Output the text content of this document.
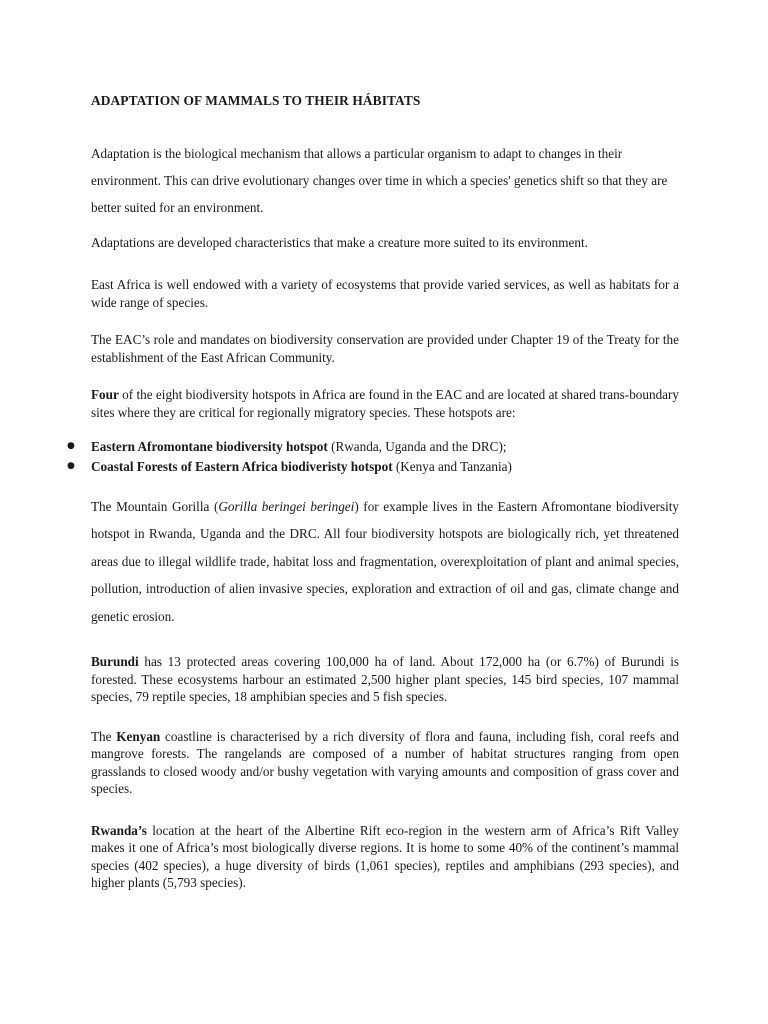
ADAPTATION OF MAMMALS TO THEIR HÁBITATS

Adaptation is the biological mechanism that allows a particular organism to adapt to changes in their environment. This can drive evolutionary changes over time in which a species' genetics shift so that they are better suited for an environment.

Adaptations are developed characteristics that make a creature more suited to its environment.

East Africa is well endowed with a variety of ecosystems that provide varied services, as well as habitats for a wide range of species.

The EAC’s role and mandates on biodiversity conservation are provided under Chapter 19 of the Treaty for the establishment of the East African Community.

Four of the eight biodiversity hotspots in Africa are found in the EAC and are located at shared trans-boundary sites where they are critical for regionally migratory species. These hotspots are:

● Eastern Afromontane biodiversity hotspot (Rwanda, Uganda and the DRC);
● Coastal Forests of Eastern Africa biodiveristy hotspot (Kenya and Tanzania)

The Mountain Gorilla (Gorilla beringei beringei) for example lives in the Eastern Afromontane biodiversity hotspot in Rwanda, Uganda and the DRC. All four biodiversity hotspots are biologically rich, yet threatened areas due to illegal wildlife trade, habitat loss and fragmentation, overexploitation of plant and animal species, pollution, introduction of alien invasive species, exploration and extraction of oil and gas, climate change and genetic erosion.

Burundi has 13 protected areas covering 100,000 ha of land. About 172,000 ha (or 6.7%) of Burundi is forested. These ecosystems harbour an estimated 2,500 higher plant species, 145 bird species, 107 mammal species, 79 reptile species, 18 amphibian species and 5 fish species.

The Kenyan coastline is characterised by a rich diversity of flora and fauna, including fish, coral reefs and mangrove forests. The rangelands are composed of a number of habitat structures ranging from open grasslands to closed woody and/or bushy vegetation with varying amounts and composition of grass cover and species.

Rwanda’s location at the heart of the Albertine Rift eco-region in the western arm of Africa’s Rift Valley makes it one of Africa’s most biologically diverse regions. It is home to some 40% of the continent’s mammal species (402 species), a huge diversity of birds (1,061 species), reptiles and amphibians (293 species), and higher plants (5,793 species).
